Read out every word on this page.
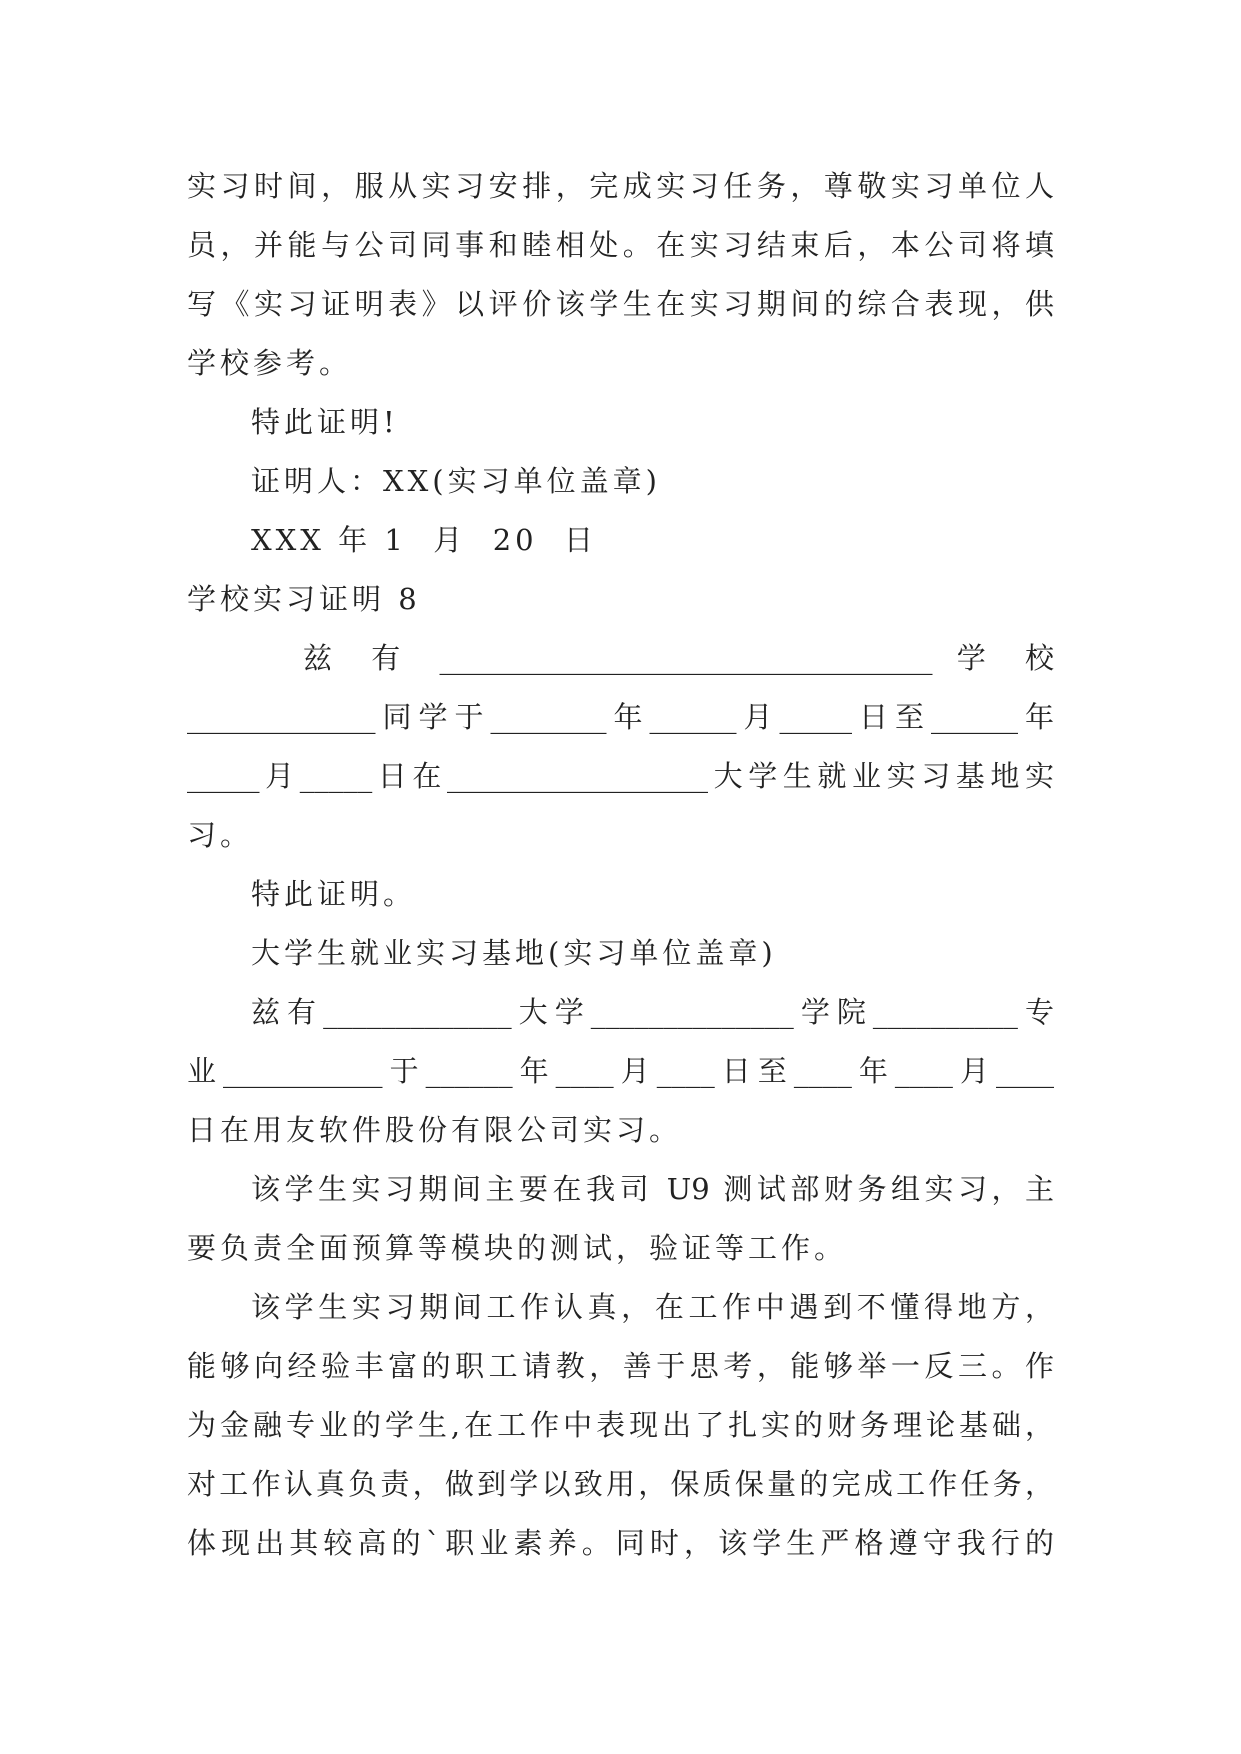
实习时间，服从实习安排，完成实习任务，尊敬实习单位人
员，并能与公司同事和睦相处。在实习结束后，本公司将填
写《实习证明表》以评价该学生在实习期间的综合表现，供
学校参考。
特此证明!
证明人：XX(实习单位盖章)
XXX 年 1  月  20  日
学校实习证明 8
兹 有 __________________________________ 学 校
_____________同学于________年______月_____日至______年
_____月_____日在__________________大学生就业实习基地实
习。
特此证明。
大学生就业实习基地(实习单位盖章)
兹有_____________大学______________学院__________专
业___________于______年____月____日至____年____月____
日在用友软件股份有限公司实习。
该学生实习期间主要在我司 U9 测试部财务组实习，主
要负责全面预算等模块的测试，验证等工作。
该学生实习期间工作认真，在工作中遇到不懂得地方，
能够向经验丰富的职工请教，善于思考，能够举一反三。作
为金融专业的学生,在工作中表现出了扎实的财务理论基础，
对工作认真负责，做到学以致用，保质保量的完成工作任务，
体现出其较高的`职业素养。同时，该学生严格遵守我行的
